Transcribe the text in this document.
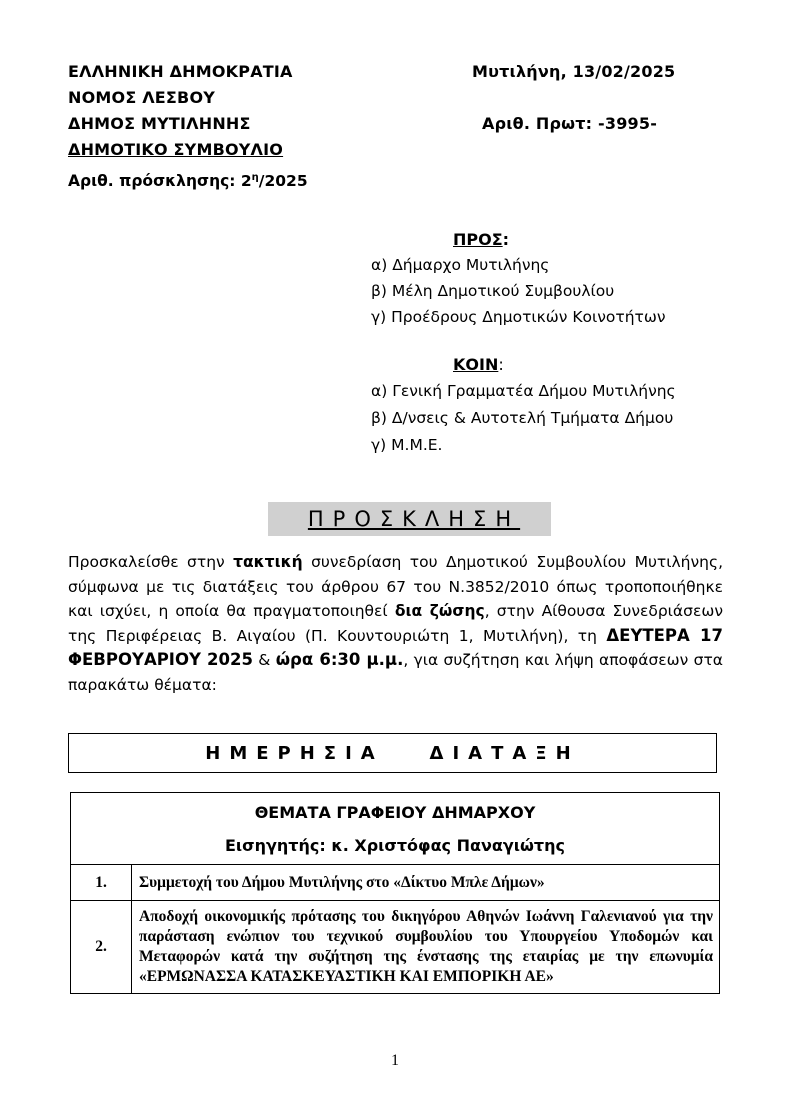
ΕΛΛΗΝΙΚΗ ΔΗΜΟΚΡΑΤΙΑ
ΝΟΜΟΣ ΛΕΣΒΟΥ
ΔΗΜΟΣ ΜΥΤΙΛΗΝΗΣ
ΔΗΜΟΤΙΚΟ ΣΥΜΒΟΥΛΙΟ
Αριθ. πρόσκλησης: $2^\eta/2025$
Μυτιλήνη, 13/02/2025
Αριθ. Πρωτ: -3995-
ΠΡΟΣ:
α) Δήμαρχο Μυτιλήνης
β) Μέλη Δημοτικού Συμβουλίου
γ) Προέδρους Δημοτικών Κοινοτήτων
ΚΟΙΝ:
α) Γενική Γραμματέα Δήμου Μυτιλήνης
β) Δ/νσεις & Αυτοτελή Τμήματα Δήμου
γ) Μ.Μ.Ε.
ΠΡΟΣΚΛΗΣΗ
Προσκαλείσθε στην τακτική συνεδρίαση του Δημοτικού Συμβουλίου Μυτιλήνης, σύμφωνα με τις διατάξεις του άρθρου 67 του Ν.3852/2010 όπως τροποποιήθηκε και ισχύει, η οποία θα πραγματοποιηθεί δια ζώσης, στην Αίθουσα Συνεδριάσεων της Περιφέρειας Β. Αιγαίου (Π. Κουντουριώτη 1, Μυτιλήνη), τη ΔΕΥΤΕΡΑ 17 ΦΕΒΡΟΥΑΡΙΟΥ 2025 & ώρα 6:30 μ.μ., για συζήτηση και λήψη αποφάσεων στα παρακάτω θέματα:
ΗΜΕΡΗΣΙΑ   ΔΙΑΤΑΞΗ
ΘΕΜΑΤΑ ΓΡΑΦΕΙΟΥ ΔΗΜΑΡΧΟΥ
Εισηγητής: κ. Χριστόφας Παναγιώτης	

1.	Συμμετοχή του Δήμου Μυτιλήνης στο «Δίκτυο Μπλε Δήμων»
2.	Αποδοχή οικονομικής πρότασης του δικηγόρου Αθηνών Ιωάννη Γαλενιανού για την παράσταση ενώπιον του τεχνικού συμβουλίου του Υπουργείου Υποδομών και Μεταφορών κατά την συζήτηση της ένστασης της εταιρίας με την επωνυμία «ΕΡΜΩΝΑΣΣΑ ΚΑΤΑΣΚΕΥΑΣΤΙΚΗ ΚΑΙ ΕΜΠΟΡΙΚΗ ΑΕ»
1
